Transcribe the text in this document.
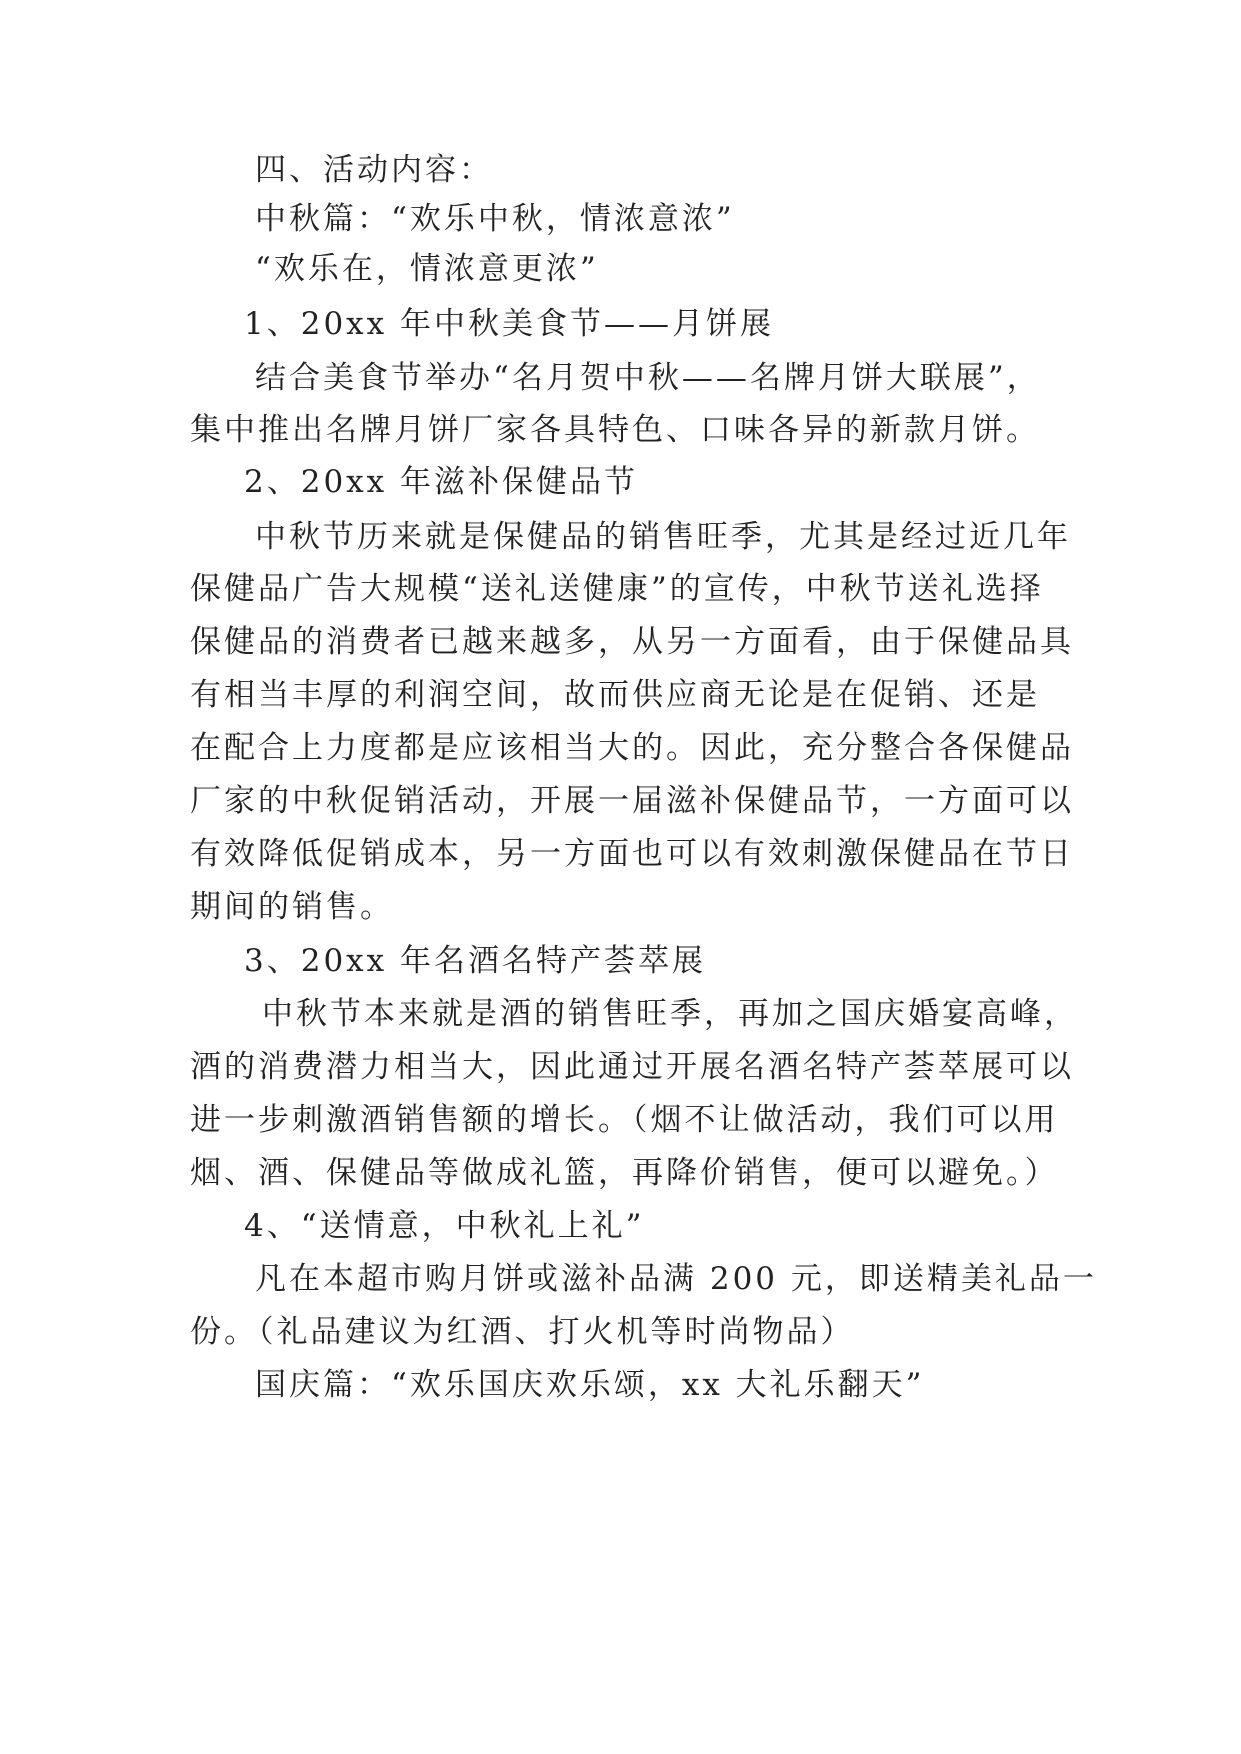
四、活动内容：
中秋篇：“欢乐中秋，情浓意浓”
“欢乐在，情浓意更浓”
1、20xx 年中秋美食节——月饼展
结合美食节举办“名月贺中秋——名牌月饼大联展”，
集中推出名牌月饼厂家各具特色、口味各异的新款月饼。
2、20xx 年滋补保健品节
中秋节历来就是保健品的销售旺季，尤其是经过近几年
保健品广告大规模“送礼送健康”的宣传，中秋节送礼选择
保健品的消费者已越来越多，从另一方面看，由于保健品具
有相当丰厚的利润空间，故而供应商无论是在促销、还是
在配合上力度都是应该相当大的。因此，充分整合各保健品
厂家的中秋促销活动，开展一届滋补保健品节，一方面可以
有效降低促销成本，另一方面也可以有效刺激保健品在节日
期间的销售。
3、20xx 年名酒名特产荟萃展
中秋节本来就是酒的销售旺季，再加之国庆婚宴高峰，
酒的消费潜力相当大，因此通过开展名酒名特产荟萃展可以
进一步刺激酒销售额的增长。（烟不让做活动，我们可以用
烟、酒、保健品等做成礼篮，再降价销售，便可以避免。）
4、“送情意，中秋礼上礼”
凡在本超市购月饼或滋补品满 200 元，即送精美礼品一
份。（礼品建议为红酒、打火机等时尚物品）
国庆篇：“欢乐国庆欢乐颂，xx 大礼乐翻天”
